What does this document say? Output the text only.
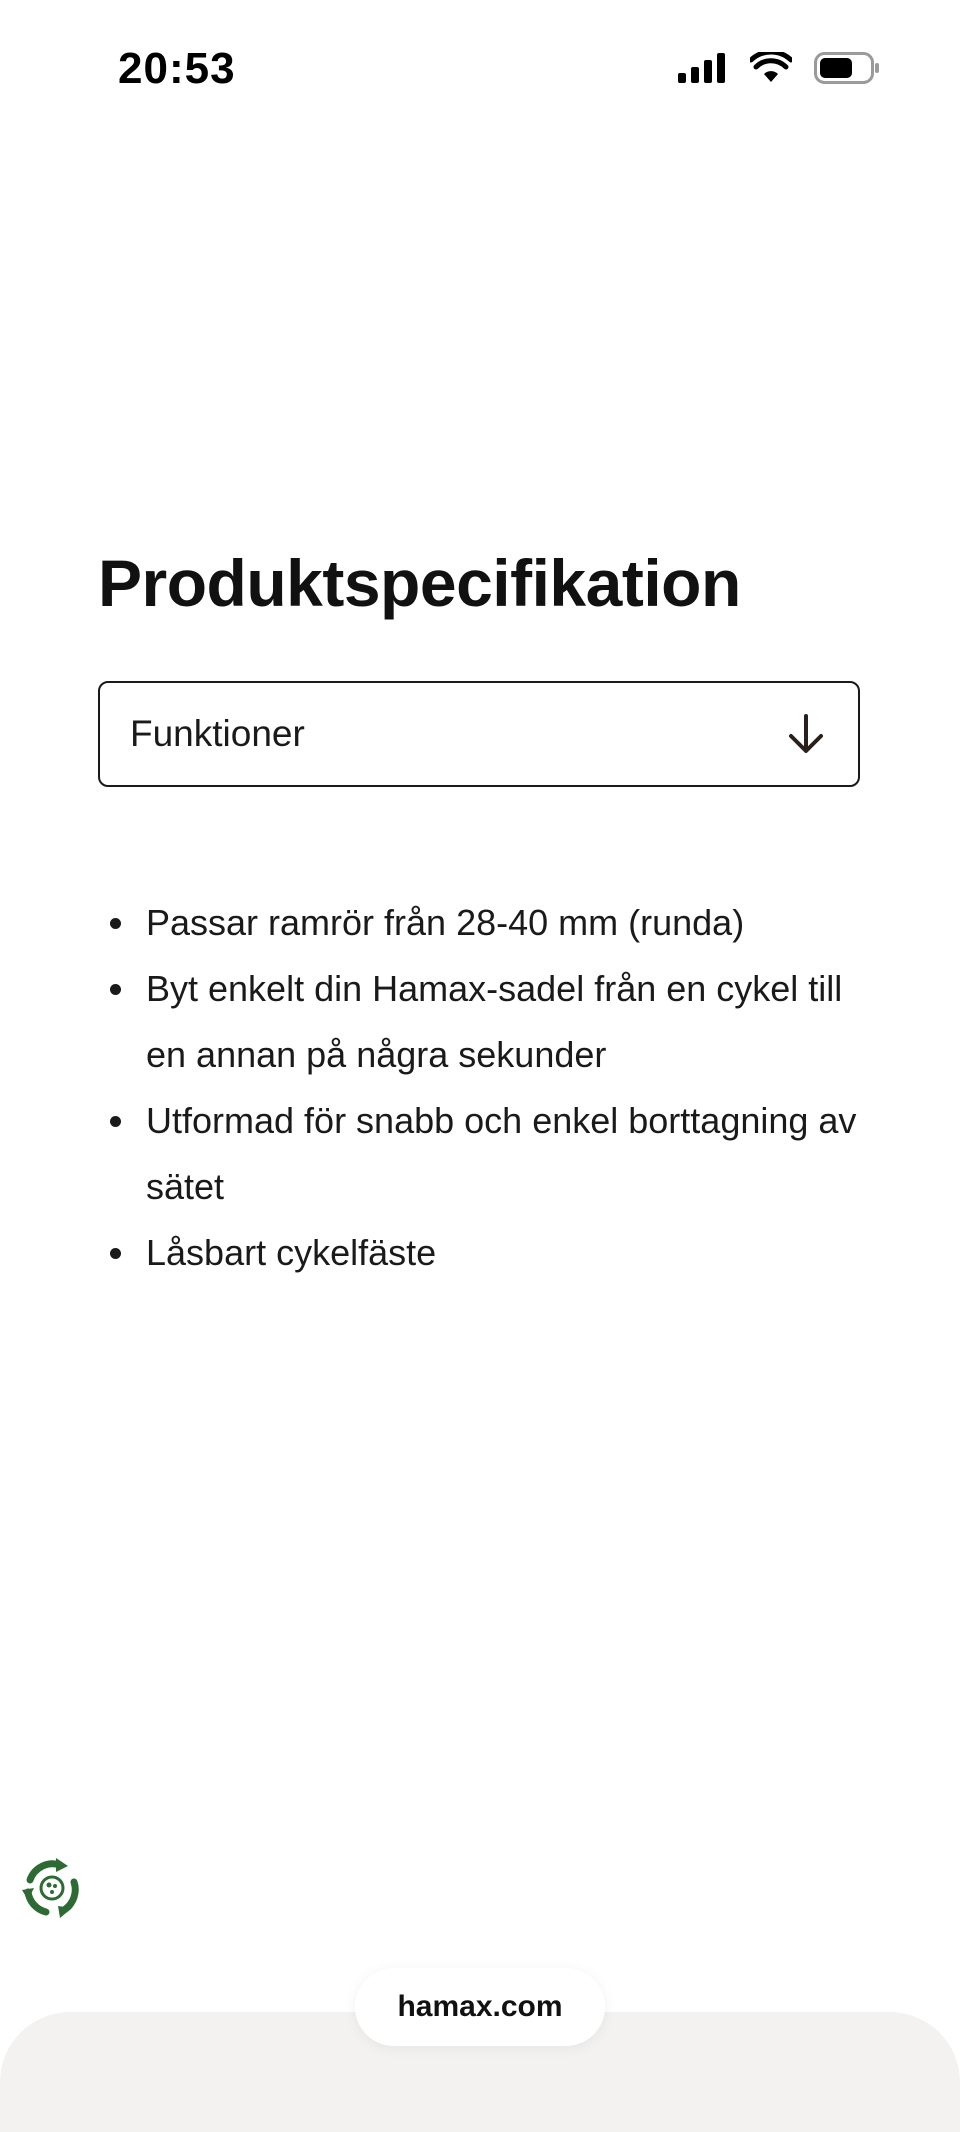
20:53
Produktspecifikation
Funktioner
Passar ramrör från 28-40 mm (runda)
Byt enkelt din Hamax-sadel från en cykel till en annan på några sekunder
Utformad för snabb och enkel borttagning av sätet
Låsbart cykelfäste
hamax.com
